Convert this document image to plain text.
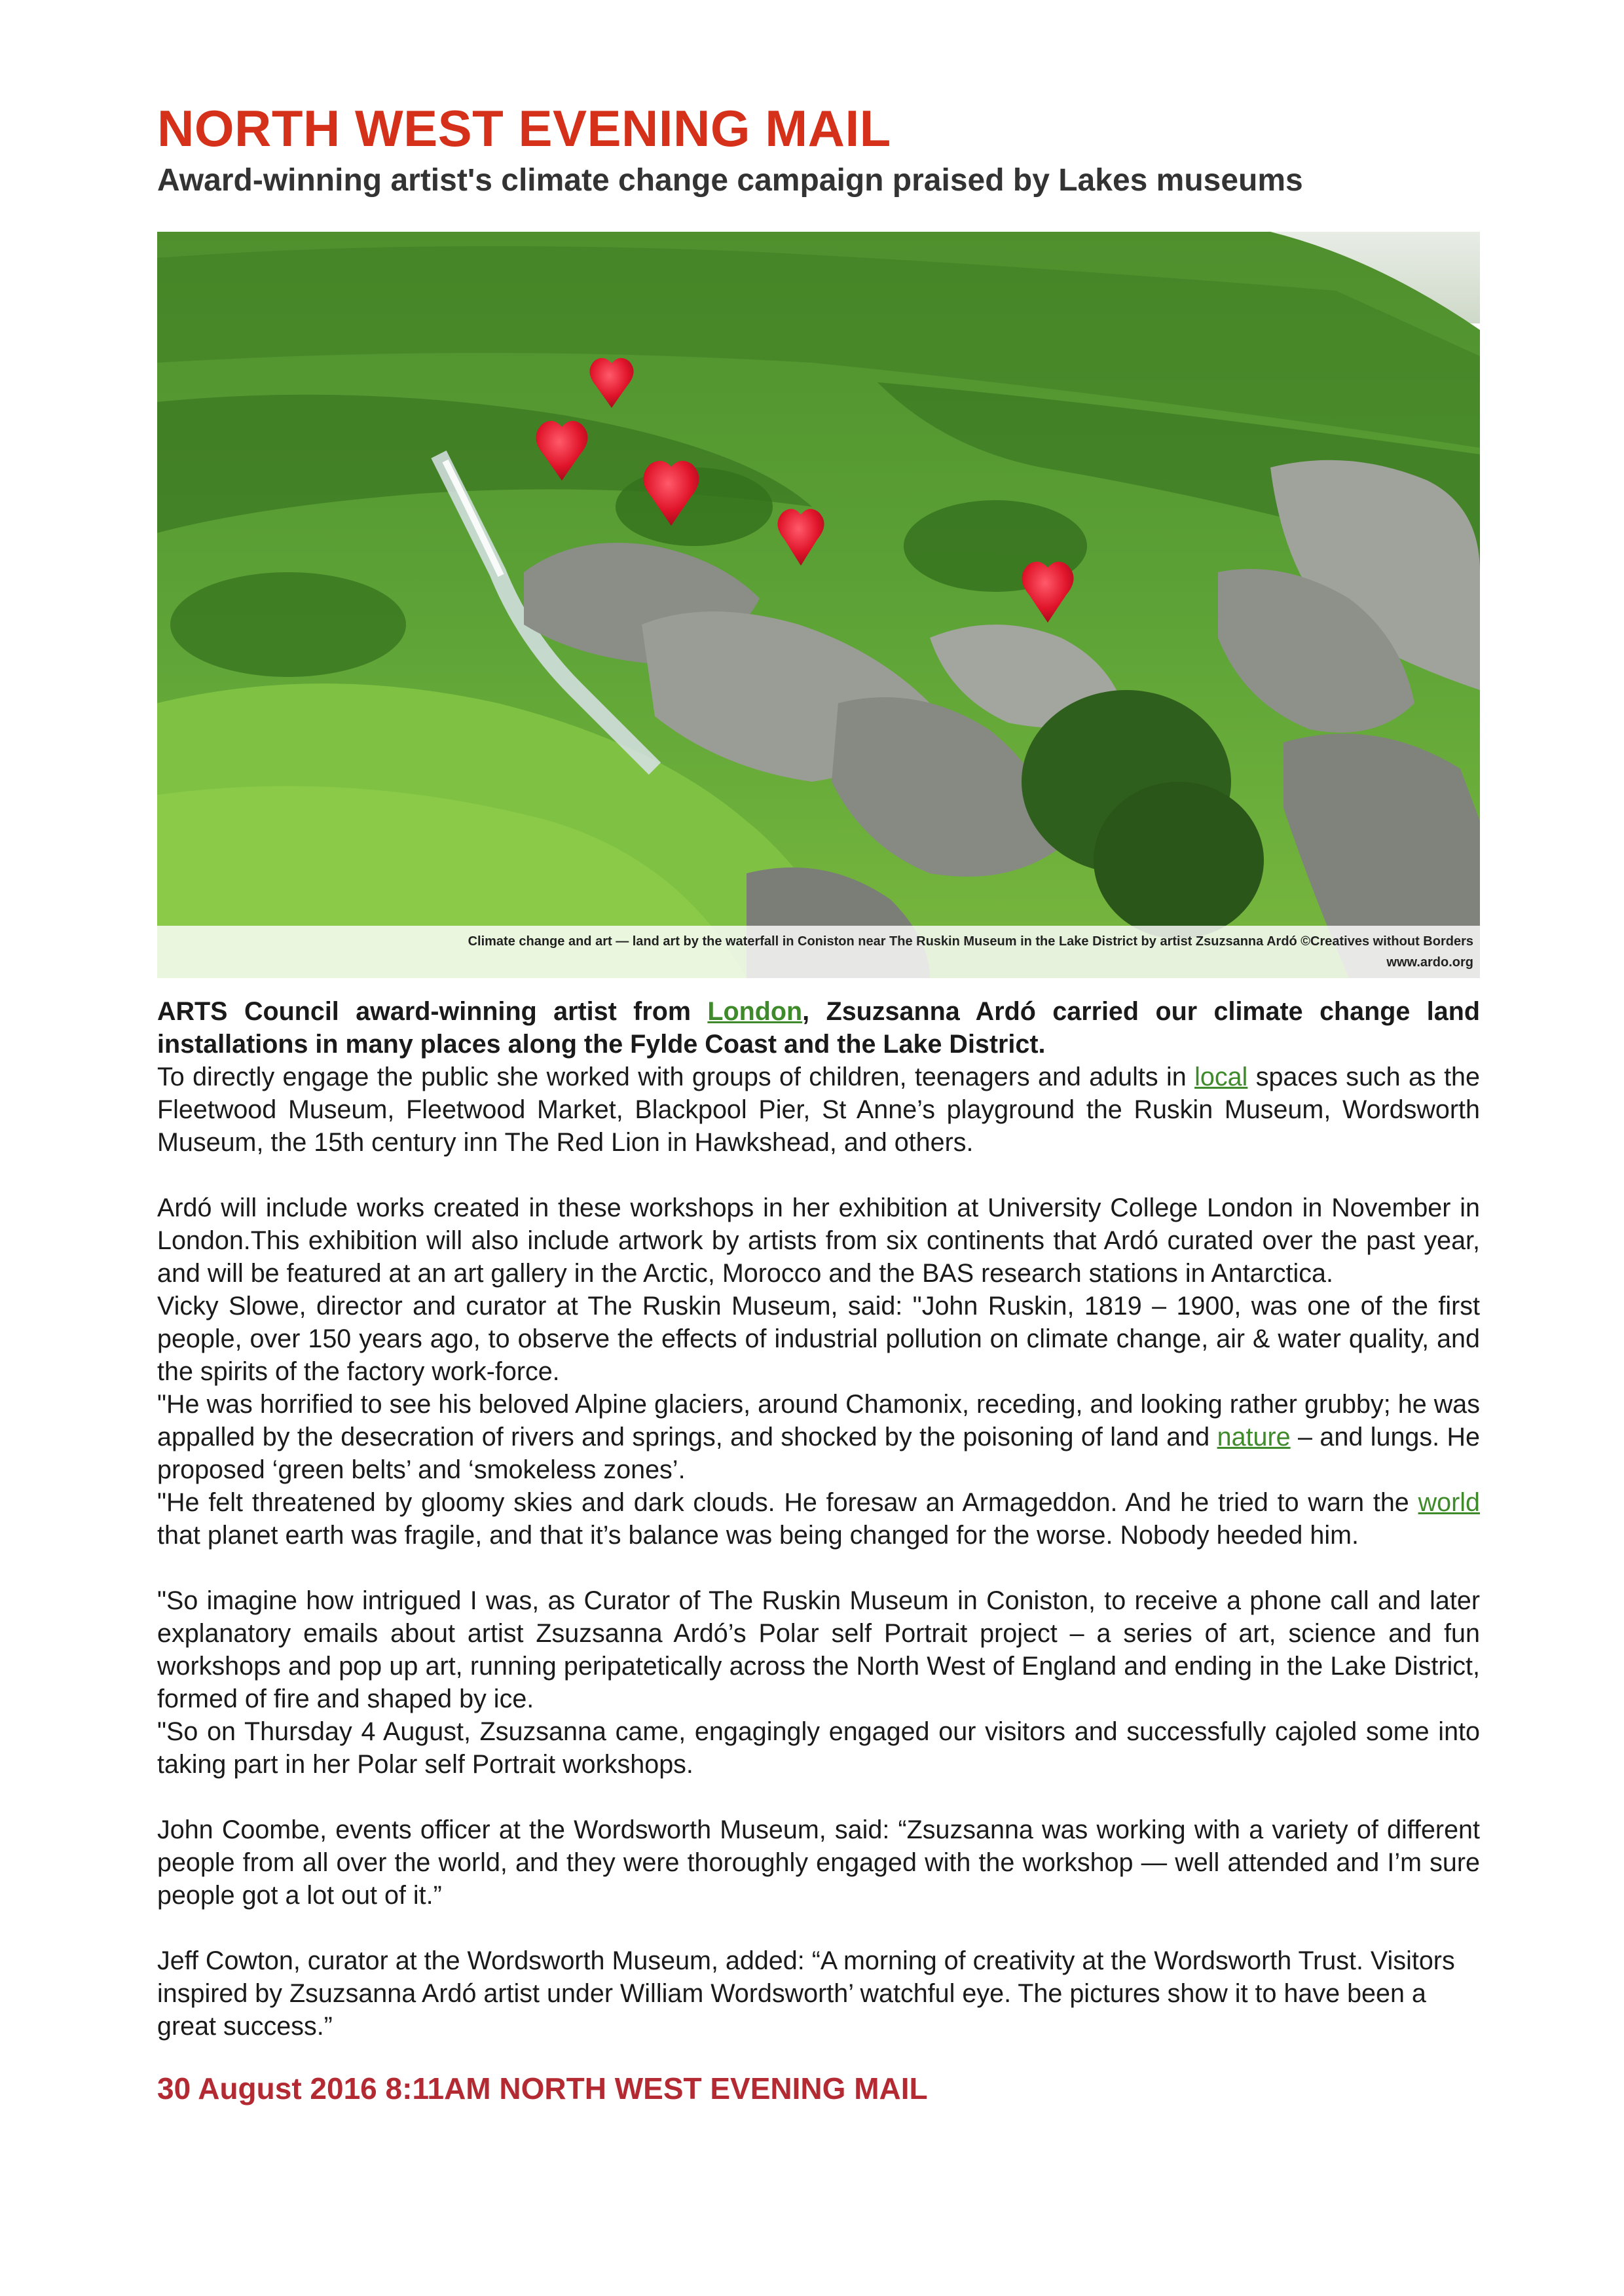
NORTH WEST EVENING MAIL
Award-winning artist's climate change campaign praised by Lakes museums
Climate change and art — land art by the waterfall in Coniston near The Ruskin Museum in the Lake District by artist Zsuzsanna Ardó ©Creatives without Borders
www.ardo.org

ARTS Council award-winning artist from London, Zsuzsanna Ardó carried our climate change land installations in many places along the Fylde Coast and the Lake District.

To directly engage the public she worked with groups of children, teenagers and adults in local spaces such as the Fleetwood Museum, Fleetwood Market, Blackpool Pier, St Anne’s playground the Ruskin Museum, Wordsworth Museum, the 15th century inn The Red Lion in Hawkshead, and others.

Ardó will include works created in these workshops in her exhibition at University College London in November in London.This exhibition will also include artwork by artists from six continents that Ardó curated over the past year, and will be featured at an art gallery in the Arctic, Morocco and the BAS research stations in Antarctica.

Vicky Slowe, director and curator at The Ruskin Museum, said: "John Ruskin, 1819 – 1900, was one of the first people, over 150 years ago, to observe the effects of industrial pollution on climate change, air & water quality, and the spirits of the factory work-force.

"He was horrified to see his beloved Alpine glaciers, around Chamonix, receding, and looking rather grubby; he was appalled by the desecration of rivers and springs, and shocked by the poisoning of land and nature – and lungs. He proposed ‘green belts’ and ‘smokeless zones’.

"He felt threatened by gloomy skies and dark clouds. He foresaw an Armageddon. And he tried to warn the world that planet earth was fragile, and that it’s balance was being changed for the worse. Nobody heeded him.

"So imagine how intrigued I was, as Curator of The Ruskin Museum in Coniston, to receive a phone call and later explanatory emails about artist Zsuzsanna Ardó’s Polar self Portrait project – a series of art, science and fun workshops and pop up art, running peripatetically across the North West of England and ending in the Lake District, formed of fire and shaped by ice.

"So on Thursday 4 August, Zsuzsanna came, engagingly engaged our visitors and successfully cajoled some into taking part in her Polar self Portrait workshops.

John Coombe, events officer at the Wordsworth Museum, said: “Zsuzsanna was working with a variety of different people from all over the world, and they were thoroughly engaged with the workshop — well attended and I’m sure people got a lot out of it.”

Jeff Cowton, curator at the Wordsworth Museum, added: “A morning of creativity at the Wordsworth Trust. Visitors inspired by Zsuzsanna Ardó artist under William Wordsworth’ watchful eye. The pictures show it to have been a great success.”

30 August 2016 8:11AM NORTH WEST EVENING MAIL
